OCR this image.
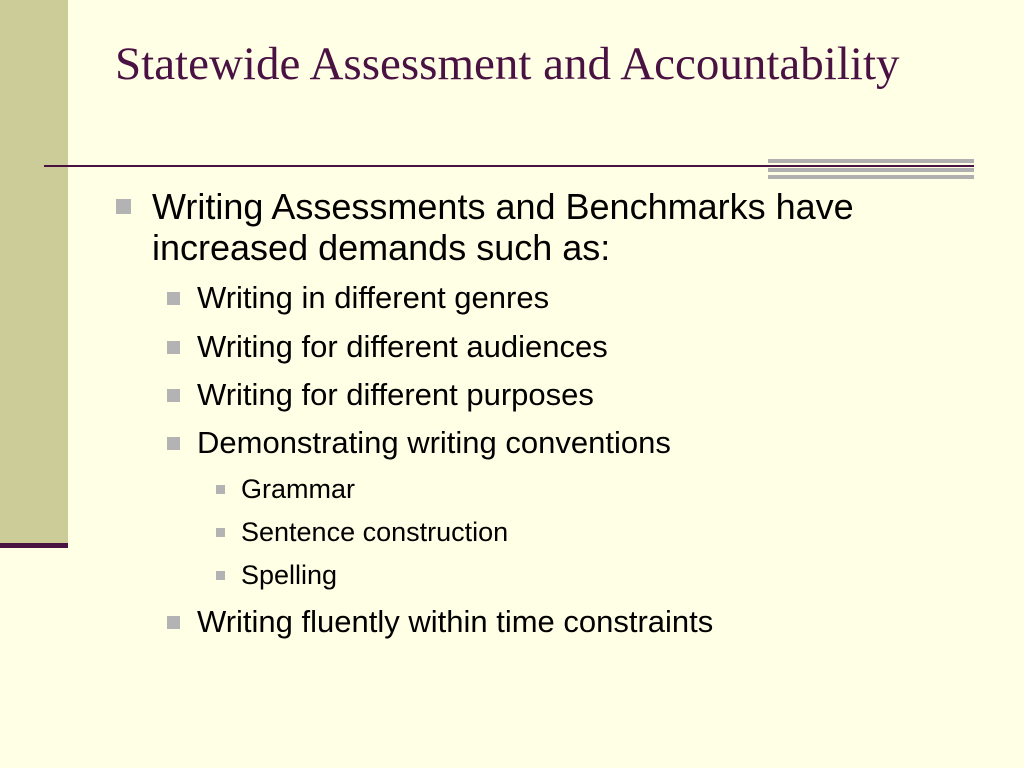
Statewide Assessment and Accountability
Writing Assessments and Benchmarks have increased demands such as:
Writing in different genres
Writing for different audiences
Writing for different purposes
Demonstrating writing conventions
Grammar
Sentence construction
Spelling
Writing fluently within time constraints
